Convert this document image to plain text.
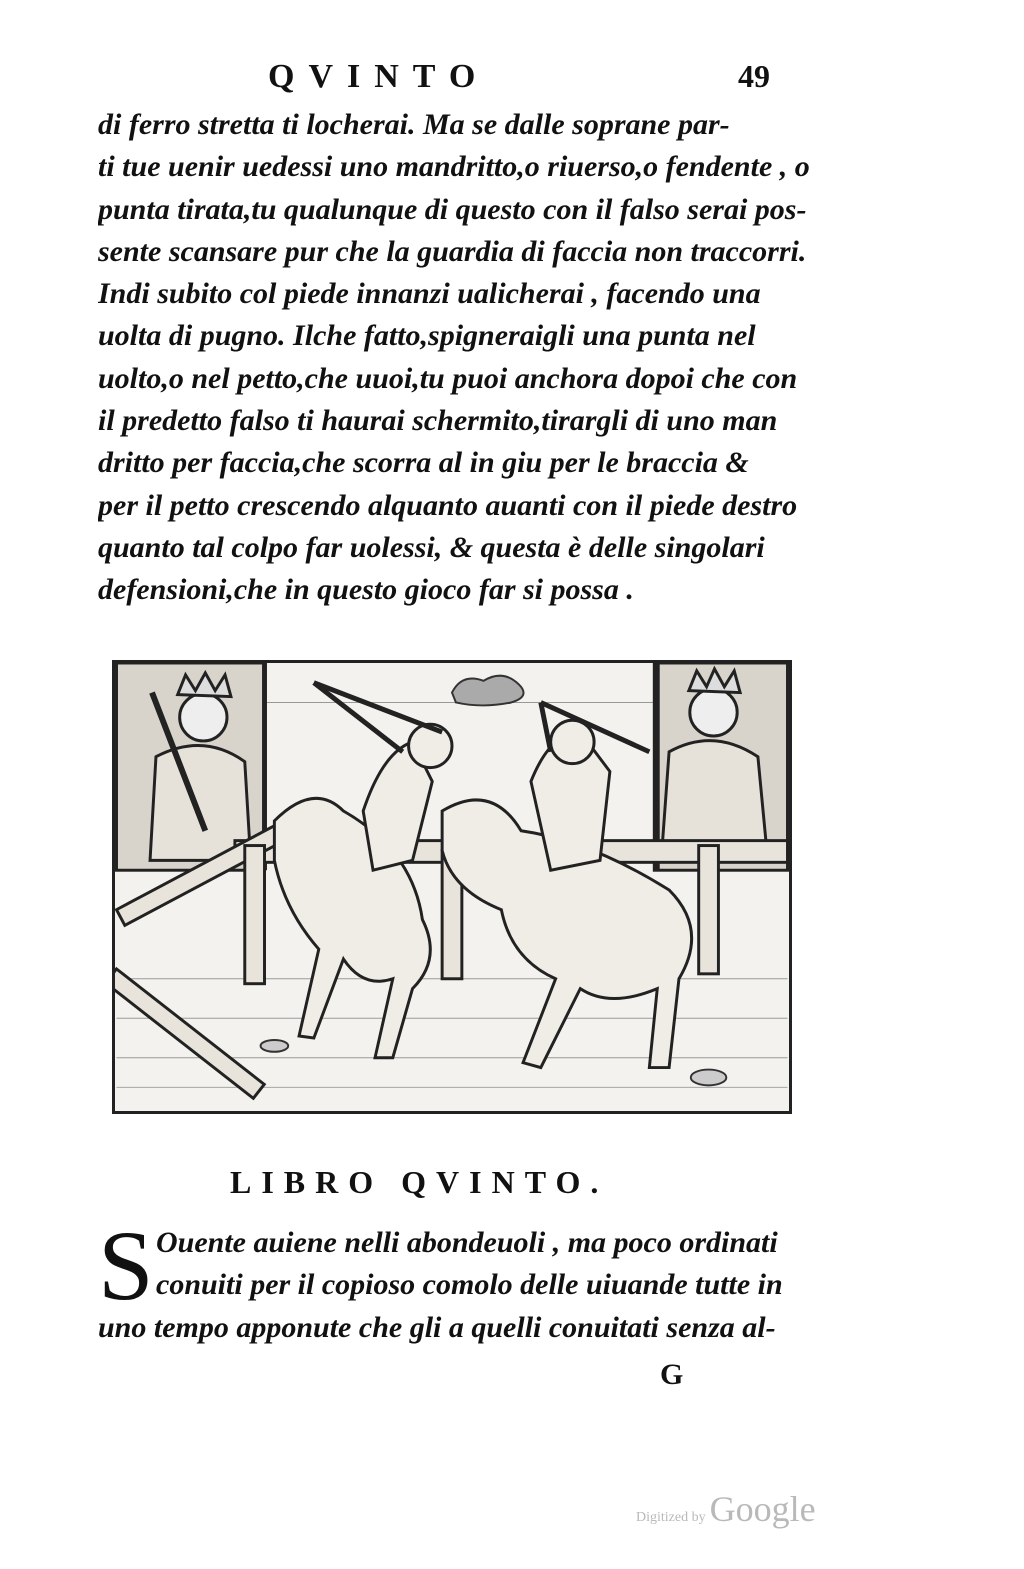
QVINTO	49
di ferro stretta ti locherai. Ma se dalle soprane par-
ti tue uenir uedessi uno mandritto,o riuerso,o fendente , o
punta tirata,tu qualunque di questo con il falso serai pos-
sente scansare pur che la guardia di faccia non traccorri.
Indi subito col piede innanzi ualicherai , facendo una
uolta di pugno. Ilche fatto,spigneraigli una punta nel
uolto,o nel petto,che uuoi,tu puoi anchora dopoi che con
il predetto falso ti haurai schermito,tirargli di uno man
dritto per faccia,che scorra al in giu per le braccia &
per il petto crescendo alquanto auanti con il piede destro
quanto tal colpo far uolessi, & questa è delle singolari
defensioni,che in questo gioco far si possa .
LIBRO QVINTO.
S Ouente auiene nelli abondeuoli , ma poco ordinati
conuiti per il copioso comolo delle uiuande tutte in
uno tempo apponute che gli a quelli conuitati senza al-
G
Digitized by Google
